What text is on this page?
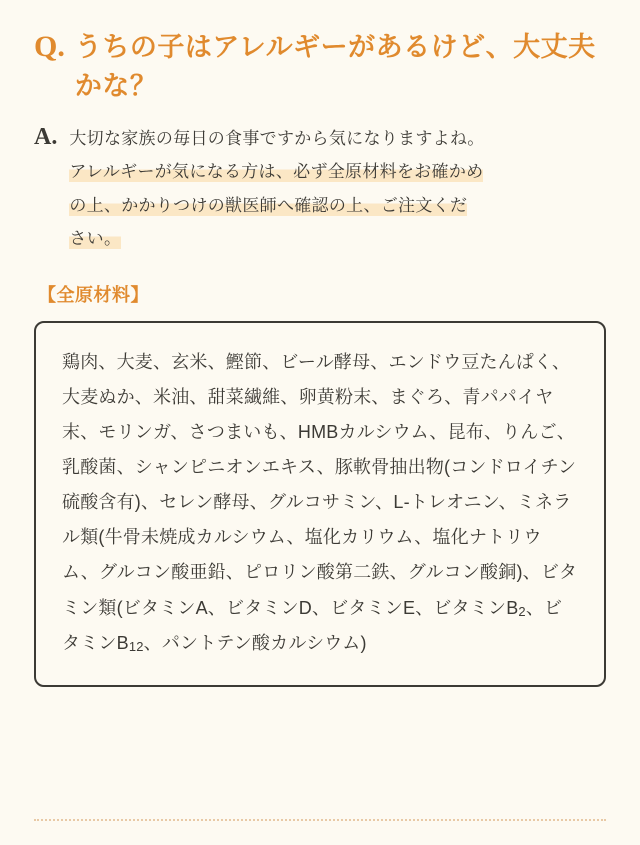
Q. うちの子はアレルギーがあるけど、大丈夫かな？
A. 大切な家族の毎日の食事ですから気になりますよね。
アレルギーが気になる方は、必ず全原材料をお確かめ
の上、かかりつけの獣医師へ確認の上、ご注文くだ
さい。
【全原材料】
鶏肉、大麦、玄米、鰹節、ビール酵母、エンドウ豆たんぱく、大麦ぬか、米油、甜菜繊維、卵黄粉末、まぐろ、青パパイヤ末、モリンガ、さつまいも、HMBカルシウム、昆布、りんご、乳酸菌、シャンピニオンエキス、豚軟骨抽出物(コンドロイチン硫酸含有)、セレン酵母、グルコサミン、L-トレオニン、ミネラル類(牛骨未焼成カルシウム、塩化カリウム、塩化ナトリウム、グルコン酸亜鉛、ピロリン酸第二鉄、グルコン酸銅)、ビタミン類(ビタミンA、ビタミンD、ビタミンE、ビタミン$B_2$、ビタミン$B_{12}$、パントテン酸カルシウム)
